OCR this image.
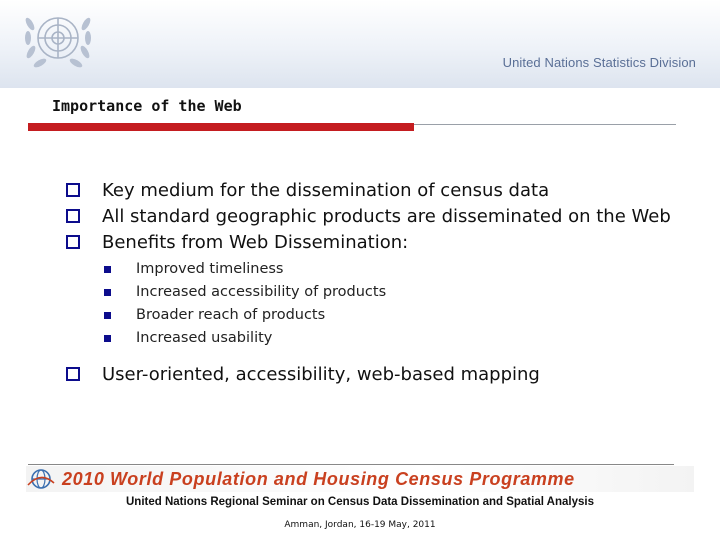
United Nations Statistics Division
Importance of the Web
Key medium for the dissemination of census data
All standard geographic products are disseminated on the Web
Benefits from Web Dissemination:
Improved timeliness
Increased accessibility of products
Broader reach of products
Increased usability
User-oriented, accessibility, web-based mapping
2010 World Population and Housing Census Programme
United Nations Regional Seminar on Census Data Dissemination and Spatial Analysis
Amman, Jordan, 16-19 May, 2011
